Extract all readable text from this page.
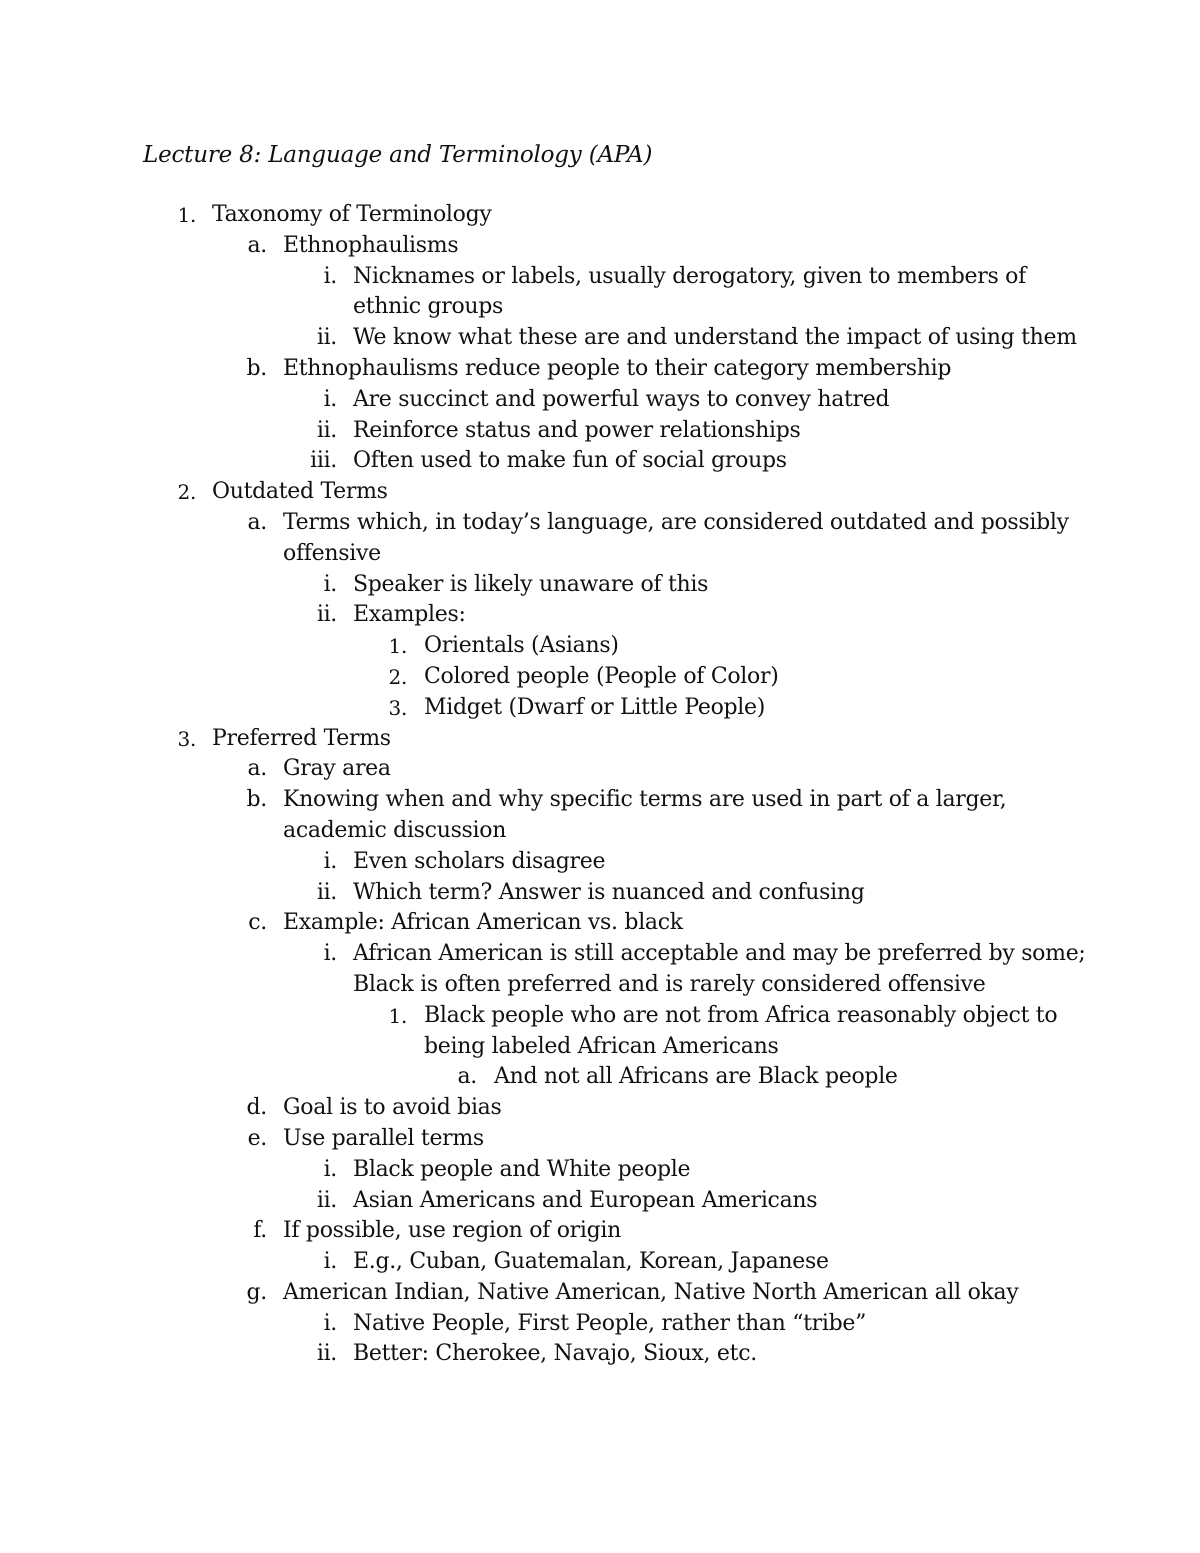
Lecture 8: Language and Terminology (APA)
1. Taxonomy of Terminology
a. Ethnophaulisms
i. Nicknames or labels, usually derogatory, given to members of
ethnic groups
ii. We know what these are and understand the impact of using them
b. Ethnophaulisms reduce people to their category membership
i. Are succinct and powerful ways to convey hatred
ii. Reinforce status and power relationships
iii. Often used to make fun of social groups
2. Outdated Terms
a. Terms which, in today’s language, are considered outdated and possibly
offensive
i. Speaker is likely unaware of this
ii. Examples:
1. Orientals (Asians)
2. Colored people (People of Color)
3. Midget (Dwarf or Little People)
3. Preferred Terms
a. Gray area
b. Knowing when and why specific terms are used in part of a larger,
academic discussion
i. Even scholars disagree
ii. Which term? Answer is nuanced and confusing
c. Example: African American vs. black
i. African American is still acceptable and may be preferred by some;
Black is often preferred and is rarely considered offensive
1. Black people who are not from Africa reasonably object to
being labeled African Americans
a. And not all Africans are Black people
d. Goal is to avoid bias
e. Use parallel terms
i. Black people and White people
ii. Asian Americans and European Americans
f. If possible, use region of origin
i. E.g., Cuban, Guatemalan, Korean, Japanese
g. American Indian, Native American, Native North American all okay
i. Native People, First People, rather than “tribe”
ii. Better: Cherokee, Navajo, Sioux, etc.
